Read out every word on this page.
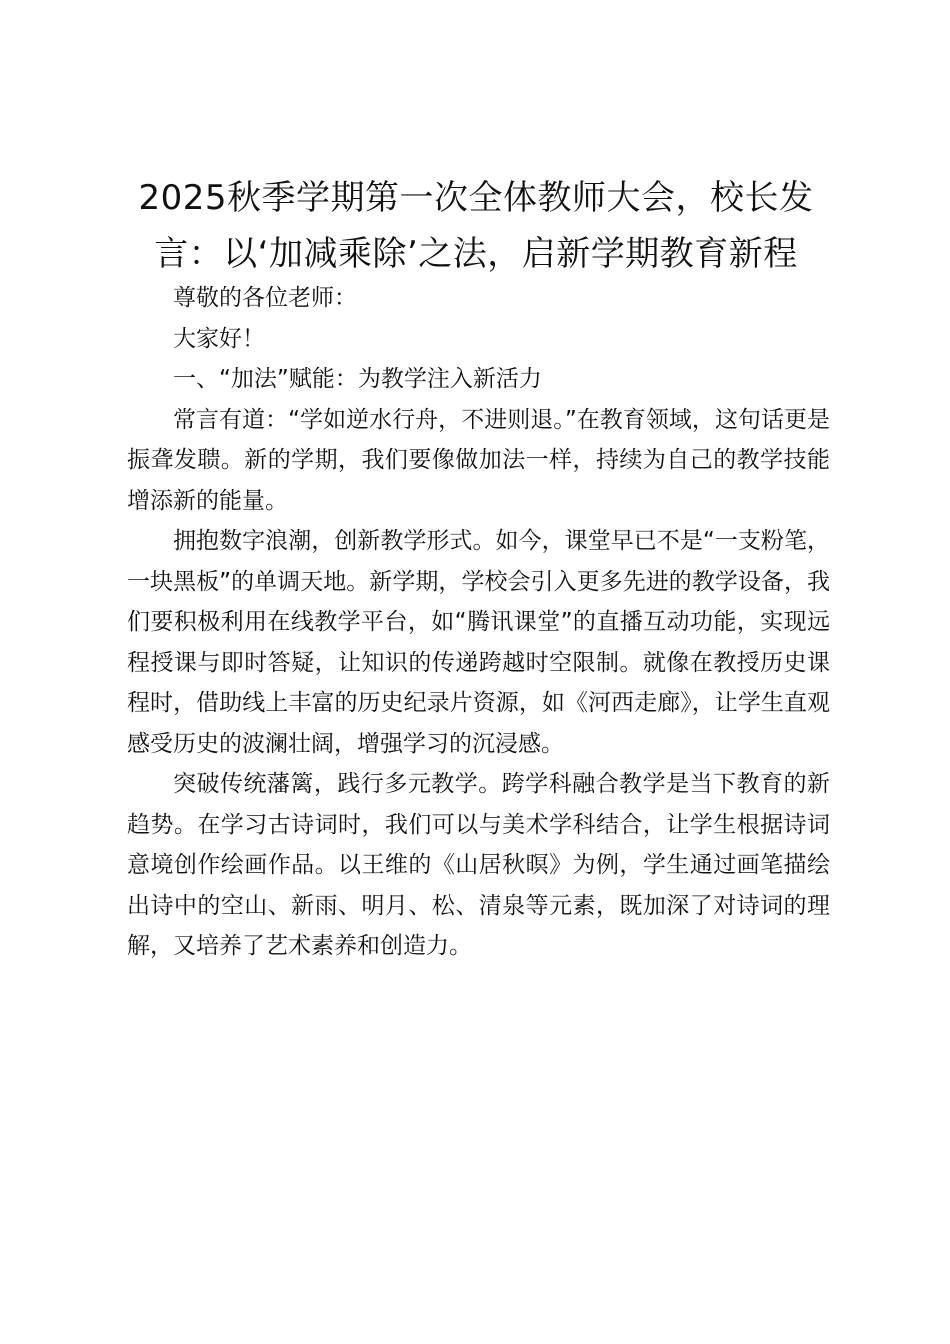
2025秋季学期第一次全体教师大会，校长发言：以‘加减乘除’之法，启新学期教育新程

尊敬的各位老师：

大家好！

一、“加法”赋能：为教学注入新活力

常言有道：“学如逆水行舟，不进则退。”在教育领域，这句话更是振聋发聩。新的学期，我们要像做加法一样，持续为自己的教学技能增添新的能量。

拥抱数字浪潮，创新教学形式。如今，课堂早已不是“一支粉笔，一块黑板”的单调天地。新学期，学校会引入更多先进的教学设备，我们要积极利用在线教学平台，如“腾讯课堂”的直播互动功能，实现远程授课与即时答疑，让知识的传递跨越时空限制。就像在教授历史课程时，借助线上丰富的历史纪录片资源，如《河西走廊》，让学生直观感受历史的波澜壮阔，增强学习的沉浸感。

突破传统藩篱，践行多元教学。跨学科融合教学是当下教育的新趋势。在学习古诗词时，我们可以与美术学科结合，让学生根据诗词意境创作绘画作品。以王维的《山居秋暝》为例，学生通过画笔描绘出诗中的空山、新雨、明月、松、清泉等元素，既加深了对诗词的理解，又培养了艺术素养和创造力。
